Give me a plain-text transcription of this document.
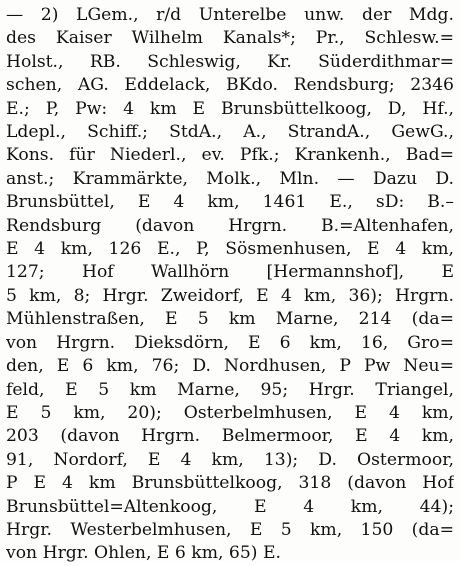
— 2) LGem., r/d Unterelbe unw. der Mdg.
des Kaiser Wilhelm Kanals*; Pr., Schlesw.=
Holst., RB. Schleswig, Kr. Süderdithmar=
schen, AG. Eddelack, BKdo. Rendsburg; 2346
E.; P, Pw: 4 km E Brunsbüttelkoog, D, Hf.,
Ldepl., Schiff.; StdA., A., StrandA., GewG.,
Kons. für Niederl., ev. Pfk.; Krankenh., Bad=
anst.; Krammärkte, Molk., Mln. — Dazu D.
Brunsbüttel, E 4 km, 1461 E., sD: B.–
Rendsburg (davon Hrgrn. B.=Altenhafen,
E 4 km, 126 E., P, Sösmenhusen, E 4 km,
127; Hof Wallhörn [Hermannshof], E
5 km, 8; Hrgr. Zweidorf, E 4 km, 36); Hrgrn.
Mühlenstraßen, E 5 km Marne, 214 (da=
von Hrgrn. Dieksdörn, E 6 km, 16, Gro=
den, E 6 km, 76; D. Nordhusen, P Pw Neu=
feld, E 5 km Marne, 95; Hrgr. Triangel,
E 5 km, 20); Osterbelmhusen, E 4 km,
203 (davon Hrgrn. Belmermoor, E 4 km,
91, Nordorf, E 4 km, 13); D. Ostermoor,
P E 4 km Brunsbüttelkoog, 318 (davon Hof
Brunsbüttel=Altenkoog, E 4 km, 44);
Hrgr. Westerbelmhusen, E 5 km, 150 (da=
von Hrgr. Ohlen, E 6 km, 65) E.
